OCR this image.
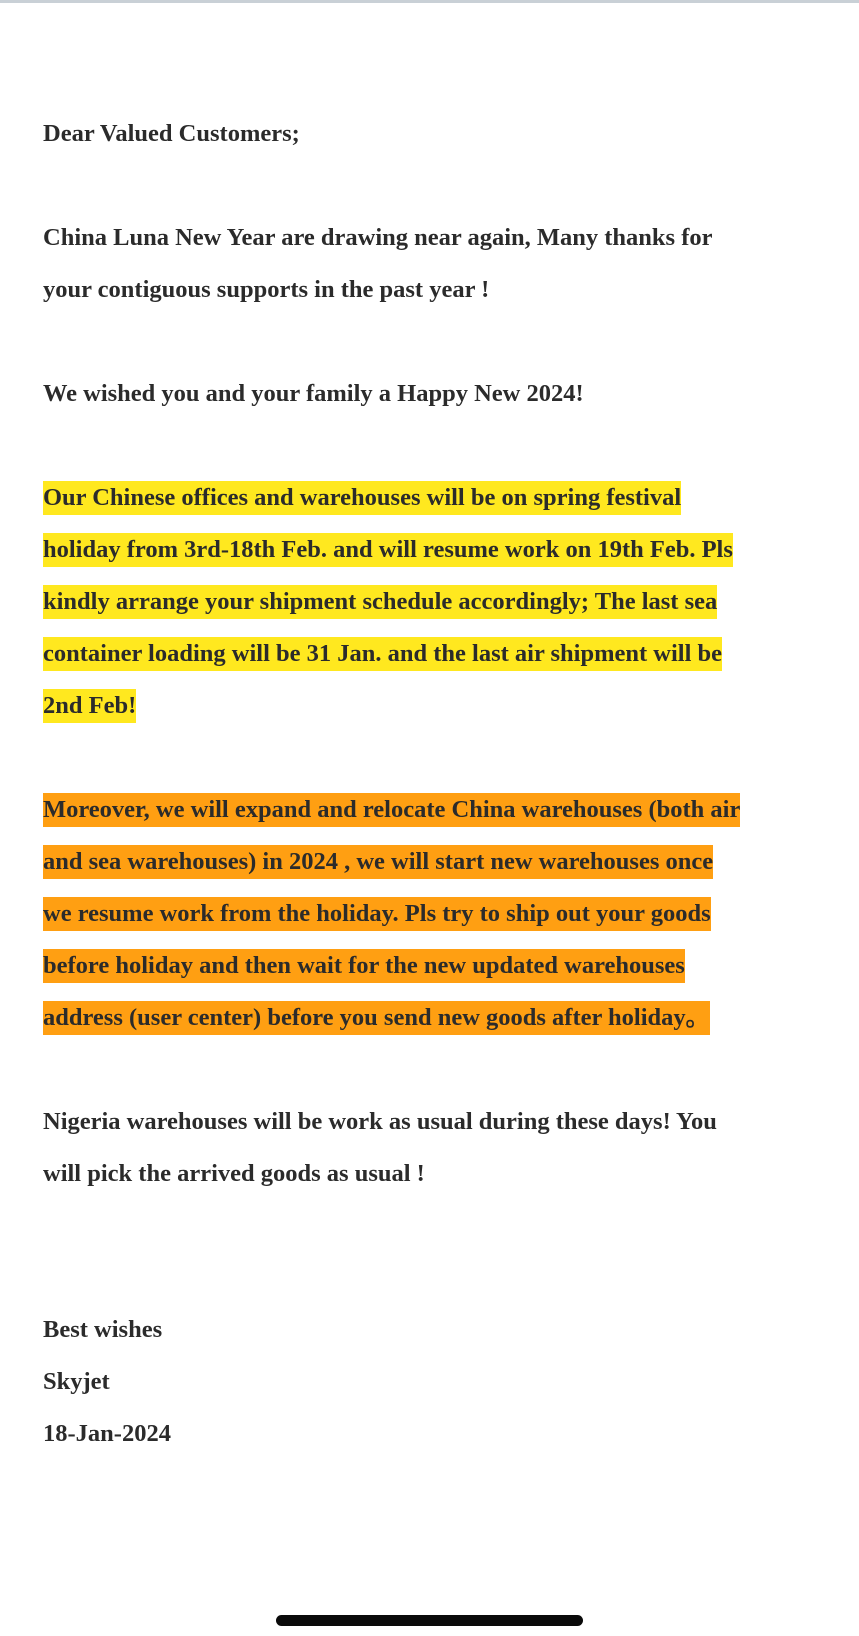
Dear Valued Customers;

China Luna New Year are drawing near again, Many thanks for

your contiguous supports in the past year !

We wished you and your family a Happy New 2024!

Our Chinese offices and warehouses will be on spring festival

holiday from 3rd-18th Feb. and will resume work on 19th Feb. Pls

kindly arrange your shipment schedule accordingly; The last sea

container loading will be 31 Jan. and the last air shipment will be

2nd Feb!

Moreover, we will expand and relocate China warehouses (both air

and sea warehouses) in 2024 , we will start new warehouses once

we resume work from the holiday. Pls try to ship out your goods

before holiday and then wait for the new updated warehouses

address (user center) before you send new goods after holiday。

Nigeria warehouses will be work as usual during these days! You

will pick the arrived goods as usual !

Best wishes

Skyjet

18-Jan-2024
